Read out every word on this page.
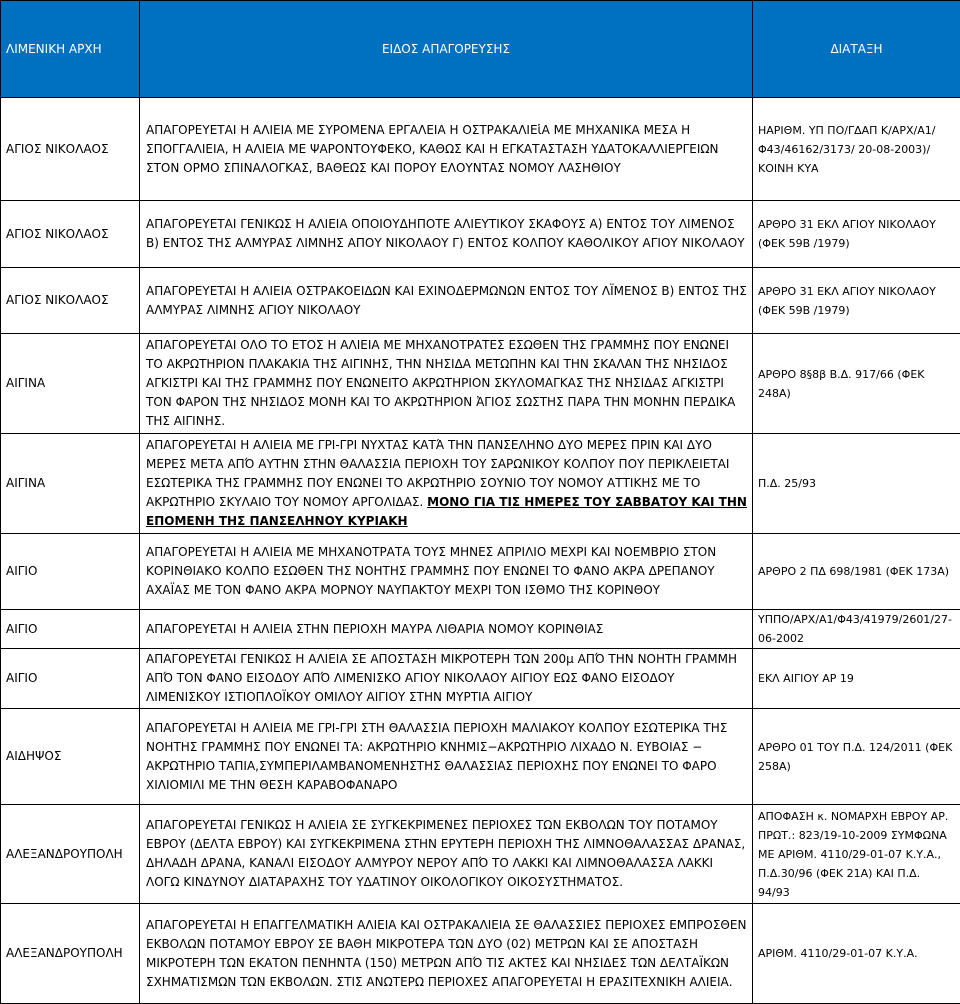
ΛΙΜΕΝΙΚΗ ΑΡΧΗ	ΕΙΔΟΣ ΑΠΑΓΟΡΕΥΣΗΣ	ΔΙΑΤΑΞΗ
ΑΓΙΟΣ ΝΙΚΟΛΑΟΣ	ΑΠΑΓΟΡΕΥΕΤΑΙ Η ΑΛΙΕΙΑ ΜΕ ΣΥΡΟΜΕΝΑ ΕΡΓΑΛΕΙΑ Η ΟΣΤΡΑΚΑΛΙΕἱΑ ΜΕ ΜΗΧΑΝΙΚΑ ΜΕΣΑ Η ΣΠΟΓΓΑΛΙΕΙΑ, Η ΑΛΙΕΙΑ ΜΕ ΨΑΡΟΝΤΟΥΦΕΚΟ, ΚΑΘΩΣ ΚΑΙ Η ΕΓΚΑΤΑΣΤΑΣΗ ΥΔΑΤΟΚΑΛΛΙΕΡΓΕΙΩΝ ΣΤΟΝ ΟΡΜΟ ΣΠΙΝΑΛΟΓΚΑΣ, ΒΑΘΕΩΣ ΚΑΙ ΠΟΡΟΥ ΕΛΟΥΝΤΑΣ ΝΟΜΟΥ ΛΑΣΗΘΙΟΥ	ΗΑΡΙΘΜ. ΥΠ ΠΟ/ΓΔΑΠ Κ/ΑΡΧ/Α1/Φ43/46162/3173/ 20-08-2003)/ΚΟΙΝΗ ΚΥΑ
ΑΓΙΟΣ ΝΙΚΟΛΑΟΣ	ΑΠΑΓΟΡΕΥΕΤΑΙ ΓΕΝΙΚΩΣ Η ΑΛΙΕΙΑ ΟΠΟΙΟΥΔΗΠΟΤΕ ΑΛΙΕΥΤΙΚΟΥ ΣΚΑΦΟΥΣ Α) ΕΝΤΟΣ ΤΟΥ ΛΙΜΕΝΟΣ Β) ΕΝΤΟΣ ΤΗΣ ΑΛΜΥΡΑΣ ΛΙΜΝΗΣ ΑΠΟΥ ΝΙΚΟΛΑΟΥ Γ) ΕΝΤΟΣ ΚΟΛΠΟΥ ΚΑΘΟΛΙΚΟΥ ΑΓΙΟΥ ΝΙΚΟΛΑΟΥ	ΑΡΘΡΟ 31 ΕΚΛ ΑΓΙΟΥ ΝΙΚΟΛΑΟΥ (ΦΕΚ 59Β /1979)
ΑΓΙΟΣ ΝΙΚΟΛΑΟΣ	ΑΠΑΓΟΡΕΥΕΤΑΙ Η ΑΛΙΕΙΑ ΟΣΤΡΑΚΟΕΙΔΩΝ ΚΑΙ ΕΧΙΝΟΔΕΡΜΩΝΩΝ ΕΝΤΟΣ ΤΟΥ ΛΪΜΕΝΟΣ Β) ΕΝΤΟΣ ΤΗΣ ΑΛΜΥΡΑΣ ΛΙΜΝΗΣ ΑΓΙΟΥ ΝΙΚΟΛΑΟΥ	ΑΡΘΡΟ 31 ΕΚΛ ΑΓΙΟΥ ΝΙΚΟΛΑΟΥ (ΦΕΚ 59Β /1979)
ΑΙΓΙΝΑ	ΑΠΑΓΟΡΕΥΕΤΑΙ ΟΛΟ ΤΟ ΕΤΟΣ Η ΑΛΙΕΙΑ ΜΕ ΜΗΧΑΝΟΤΡΑΤΕΣ ΕΣΩΘΕΝ ΤΗΣ ΓΡΑΜΜΗΣ ΠΟΥ ΕΝΩΝΕΙ ΤΟ ΑΚΡΩΤΗΡΙΟΝ ΠΛΑΚΑΚΙΑ ΤΗΣ ΑΙΓΙΝΗΣ, ΤΗΝ ΝΗΣΙΔΑ ΜΕΤΩΠΗΝ ΚΑΙ ΤΗΝ ΣΚΑΛΑΝ ΤΗΣ ΝΗΣΙΔΟΣ ΑΓΚΙΣΤΡΙ ΚΑΙ ΤΗΣ ΓΡΑΜΜΗΣ ΠΟΥ ΕΝΩΝΕΙΤΟ ΑΚΡΩΤΗΡΙΟΝ ΣΚΥΛΟΜΑΓΚΑΣ ΤΗΣ ΝΗΣΙΔΑΣ ΑΓΚΙΣΤΡΙ ΤΟΝ ΦΑΡΟΝ ΤΗΣ ΝΗΣΙΔΟΣ ΜΟΝΗ ΚΑΙ ΤΟ ΑΚΡΩΤΗΡΙΟΝ ἈΓΙΟΣ ΣΩΣΤΗΣ ΠΑΡΑ ΤΗΝ ΜΟΝΗΝ ΠΕΡΔΙΚΑ ΤΗΣ ΑΙΓΙΝΗΣ.	ΑΡΘΡΟ 8§8β Β.Δ. 917/66 (ΦΕΚ 248Α)
ΑΙΓΙΝΑ	ΑΠΑΓΟΡΕΥΕΤΑΙ Η ΑΛΙΕΙΑ ΜΕ ΓΡΙ-ΓΡΙ ΝΥΧΤΑΣ ΚΑΤΆ ΤΗΝ ΠΑΝΣΕΛΗΝΟ ΔΥΟ ΜΕΡΕΣ ΠΡΙΝ ΚΑΙ ΔΥΟ ΜΕΡΕΣ ΜΕΤΑ ΑΠΌ ΑΥΤΗΝ ΣΤΗΝ ΘΑΛΑΣΣΙΑ ΠΕΡΙΟΧΗ ΤΟΥ ΣΑΡΩΝΙΚΟΥ ΚΟΛΠΟΥ ΠΟΥ ΠΕΡΙΚΛΕΙΕΤΑΙ ΕΣΩΤΕΡΙΚΑ ΤΗΣ ΓΡΑΜΜΗΣ ΠΟΥ ΕΝΩΝΕΙ ΤΟ ΑΚΡΩΤΗΡΙΟ ΣΟΥΝΙΟ ΤΟΥ ΝΟΜΟΥ ΑΤΤΙΚΗΣ ΜΕ ΤΟ ΑΚΡΩΤΗΡΙΟ ΣΚΥΛΑΙΟ ΤΟΥ ΝΟΜΟΥ ΑΡΓΟΛΙΔΑΣ. ΜΟΝΟ ΓΙΑ ΤΙΣ ΗΜΕΡΕΣ ΤΟΥ ΣΑΒΒΑΤΟΥ ΚΑΙ ΤΗΝ ΕΠΟΜΕΝΗ ΤΗΣ ΠΑΝΣΕΛΗΝΟΥ ΚΥΡΙΑΚΗ	Π.Δ. 25/93
ΑΙΓΙΟ	ΑΠΑΓΟΡΕΥΕΤΑΙ Η ΑΛΙΕΙΑ ΜΕ ΜΗΧΑΝΟΤΡΑΤΑ ΤΟΥΣ ΜΗΝΕΣ ΑΠΡΙΛΙΟ ΜΕΧΡΙ ΚΑΙ ΝΟΕΜΒΡΙΟ ΣΤΟΝ ΚΟΡΙΝΘΙΑΚΟ ΚΟΛΠΟ ΕΣΩΘΕΝ ΤΗΣ ΝΟΗΤΗΣ ΓΡΑΜΜΗΣ ΠΟΥ ΕΝΩΝΕΙ ΤΟ ΦΑΝΟ ΑΚΡΑ ΔΡΕΠΑΝΟΥ ΑΧΑΪΑΣ ΜΕ ΤΟΝ ΦΑΝΟ ΑΚΡΑ ΜΟΡΝΟΥ ΝΑΥΠΑΚΤΟΥ ΜΕΧΡΙ ΤΟΝ ΙΣΘΜΟ ΤΗΣ ΚΟΡΙΝΘΟΥ	ΑΡΘΡΟ 2 ΠΔ 698/1981 (ΦΕΚ 173Α)
ΑΙΓΙΟ	ΑΠΑΓΟΡΕΥΕΤΑΙ Η ΑΛΙΕΙΑ ΣΤΗΝ ΠΕΡΙΟΧΗ ΜΑΥΡΑ ΛΙΘΑΡΙΑ ΝΟΜΟΥ ΚΟΡΙΝΘΙΑΣ	ΥΠΠΟ/ΑΡΧ/Α1/Φ43/41979/2601/27-06-2002
ΑΙΓΙΟ	ΑΠΑΓΟΡΕΥΕΤΑΙ ΓΕΝΙΚΩΣ Η ΑΛΙΕΙΑ ΣΕ ΑΠΟΣΤΑΣΗ ΜΙΚΡΟΤΕΡΗ ΤΩΝ 200μ ΑΠΌ ΤΗΝ ΝΟΗΤΗ ΓΡΑΜΜΗ ΑΠΌ ΤΟΝ ΦΑΝΟ ΕΙΣΟΔΟΥ ΑΠΌ ΛΙΜΕΝΙΣΚΟ ΑΓΙΟΥ ΝΙΚΟΛΑΟΥ ΑΙΓΙΟΥ ΕΩΣ ΦΑΝΟ ΕΙΣΟΔΟΥ ΛΙΜΕΝΙΣΚΟΥ ΙΣΤΙΟΠΛΟΪΚΟΥ ΟΜΙΛΟΥ ΑΙΓΙΟΥ ΣΤΗΝ ΜΥΡΤΙΑ ΑΙΓΙΟΥ	ΕΚΛ ΑΙΓΙΟΥ ΑΡ 19
ΑΙΔΗΨΟΣ	ΑΠΑΓΟΡΕΥΕΤΑΙ Η ΑΛΙΕΙΑ ΜΕ ΓΡΙ-ΓΡΙ ΣΤΗ ΘΑΛΑΣΣΙΑ ΠΕΡΙΟΧΗ ΜΑΛΙΑΚΟΥ ΚΟΛΠΟΥ ΕΣΩΤΕΡΙΚΑ ΤΗΣ ΝΟΗΤΗΣ ΓΡΑΜΜΗΣ ΠΟΥ ΕΝΩΝΕΙ ΤΑ: ΑΚΡΩΤΗΡΙΟ ΚΝΗΜΙΣ−ΑΚΡΩΤΗΡΙΟ ΛΙΧΑΔΟ Ν. ΕΥΒΟΙΑΣ − ΑΚΡΩΤΗΡΙΟ ΤΑΠΙΑ,ΣΥΜΠΕΡΙΛΑΜΒΑΝΟΜΕΝΗΣΤΗΣ ΘΑΛΑΣΣΙΑΣ ΠΕΡΙΟΧΗΣ ΠΟΥ ΕΝΩΝΕΙ ΤΟ ΦΑΡΟ ΧΙΛΙΟΜΙΛΙ ΜΕ ΤΗΝ ΘΕΣΗ ΚΑΡΑΒΟΦΑΝΑΡΟ	ΑΡΘΡΟ 01 ΤΟΥ Π.Δ. 124/2011 (ΦΕΚ 258Α)
ΑΛΕΞΑΝΔΡΟΥΠΟΛΗ	ΑΠΑΓΟΡΕΥΕΤΑΙ ΓΕΝΙΚΩΣ Η ΑΛΙΕΙΑ ΣΕ ΣΥΓΚΕΚΡΙΜΕΝΕΣ ΠΕΡΙΟΧΕΣ ΤΩΝ ΕΚΒΟΛΩΝ ΤΟΥ ΠΟΤΑΜΟΥ ΕΒΡΟΥ (ΔΕΛΤΑ ΕΒΡΟΥ) ΚΑΙ ΣΥΓΚΕΚΡΙΜΕΝΑ ΣΤΗΝ ΕΡΥΤΕΡΗ ΠΕΡΙΟΧΗ ΤΗΣ ΛΙΜΝΟΘΑΛΑΣΣΑΣ ΔΡΑΝΑΣ, ΔΗΛΑΔΗ ΔΡΑΝΑ, ΚΑΝΑΛΙ ΕΙΣΟΔΟΥ ΑΛΜΥΡΟΥ ΝΕΡΟΥ ΑΠΌ ΤΟ ΛΑΚΚΙ ΚΑΙ ΛΙΜΝΟΘΑΛΑΣΣΑ ΛΑΚΚΙ ΛΟΓΩ ΚΙΝΔΥΝΟΥ ΔΙΑΤΑΡΑΧΗΣ ΤΟΥ ΥΔΑΤΙΝΟΥ ΟΙΚΟΛΟΓΙΚΟΥ ΟΙΚΟΣΥΣΤΗΜΑΤΟΣ.	ΑΠΟΦΑΣΗ κ. ΝΟΜΑΡΧΗ ΕΒΡΟΥ ΑΡ. ΠΡΩΤ.: 823/19-10-2009 ΣΥΜΦΩΝΑ ΜΕ ΑΡΙΘΜ. 4110/29-01-07 Κ.Υ.Α., Π.Δ.30/96 (ΦΕΚ 21Α) ΚΑΙ Π.Δ. 94/93
ΑΛΕΞΑΝΔΡΟΥΠΟΛΗ	ΑΠΑΓΟΡΕΥΕΤΑΙ Η ΕΠΑΓΓΕΛΜΑΤΙΚΗ ΑΛΙΕΙΑ ΚΑΙ ΟΣΤΡΑΚΑΛΙΕΙΑ ΣΕ ΘΑΛΑΣΣΙΕΣ ΠΕΡΙΟΧΕΣ ΕΜΠΡΟΣΘΕΝ ΕΚΒΟΛΩΝ ΠΟΤΑΜΟΥ ΕΒΡΟΥ ΣΕ ΒΑΘΗ ΜΙΚΡΟΤΕΡΑ ΤΩΝ ΔΥΟ (02) ΜΕΤΡΩΝ ΚΑΙ ΣΕ ΑΠΟΣΤΑΣΗ ΜΙΚΡΟΤΕΡΗ ΤΩΝ ΕΚΑΤΟΝ ΠΕΝΗΝΤΑ (150) ΜΕΤΡΩΝ ΑΠΌ ΤΙΣ ΑΚΤΕΣ ΚΑΙ ΝΗΣΙΔΕΣ ΤΩΝ ΔΕΛΤΑΪΚΩΝ ΣΧΗΜΑΤΙΣΜΩΝ ΤΩΝ ΕΚΒΟΛΩΝ. ΣΤΙΣ ΑΝΩΤΕΡΩ ΠΕΡΙΟΧΕΣ ΑΠΑΓΟΡΕΥΕΤΑΙ Η ΕΡΑΣΙΤΕΧΝΙΚΗ ΑΛΙΕΙΑ.	ΑΡΙΘΜ. 4110/29-01-07 Κ.Υ.Α.
